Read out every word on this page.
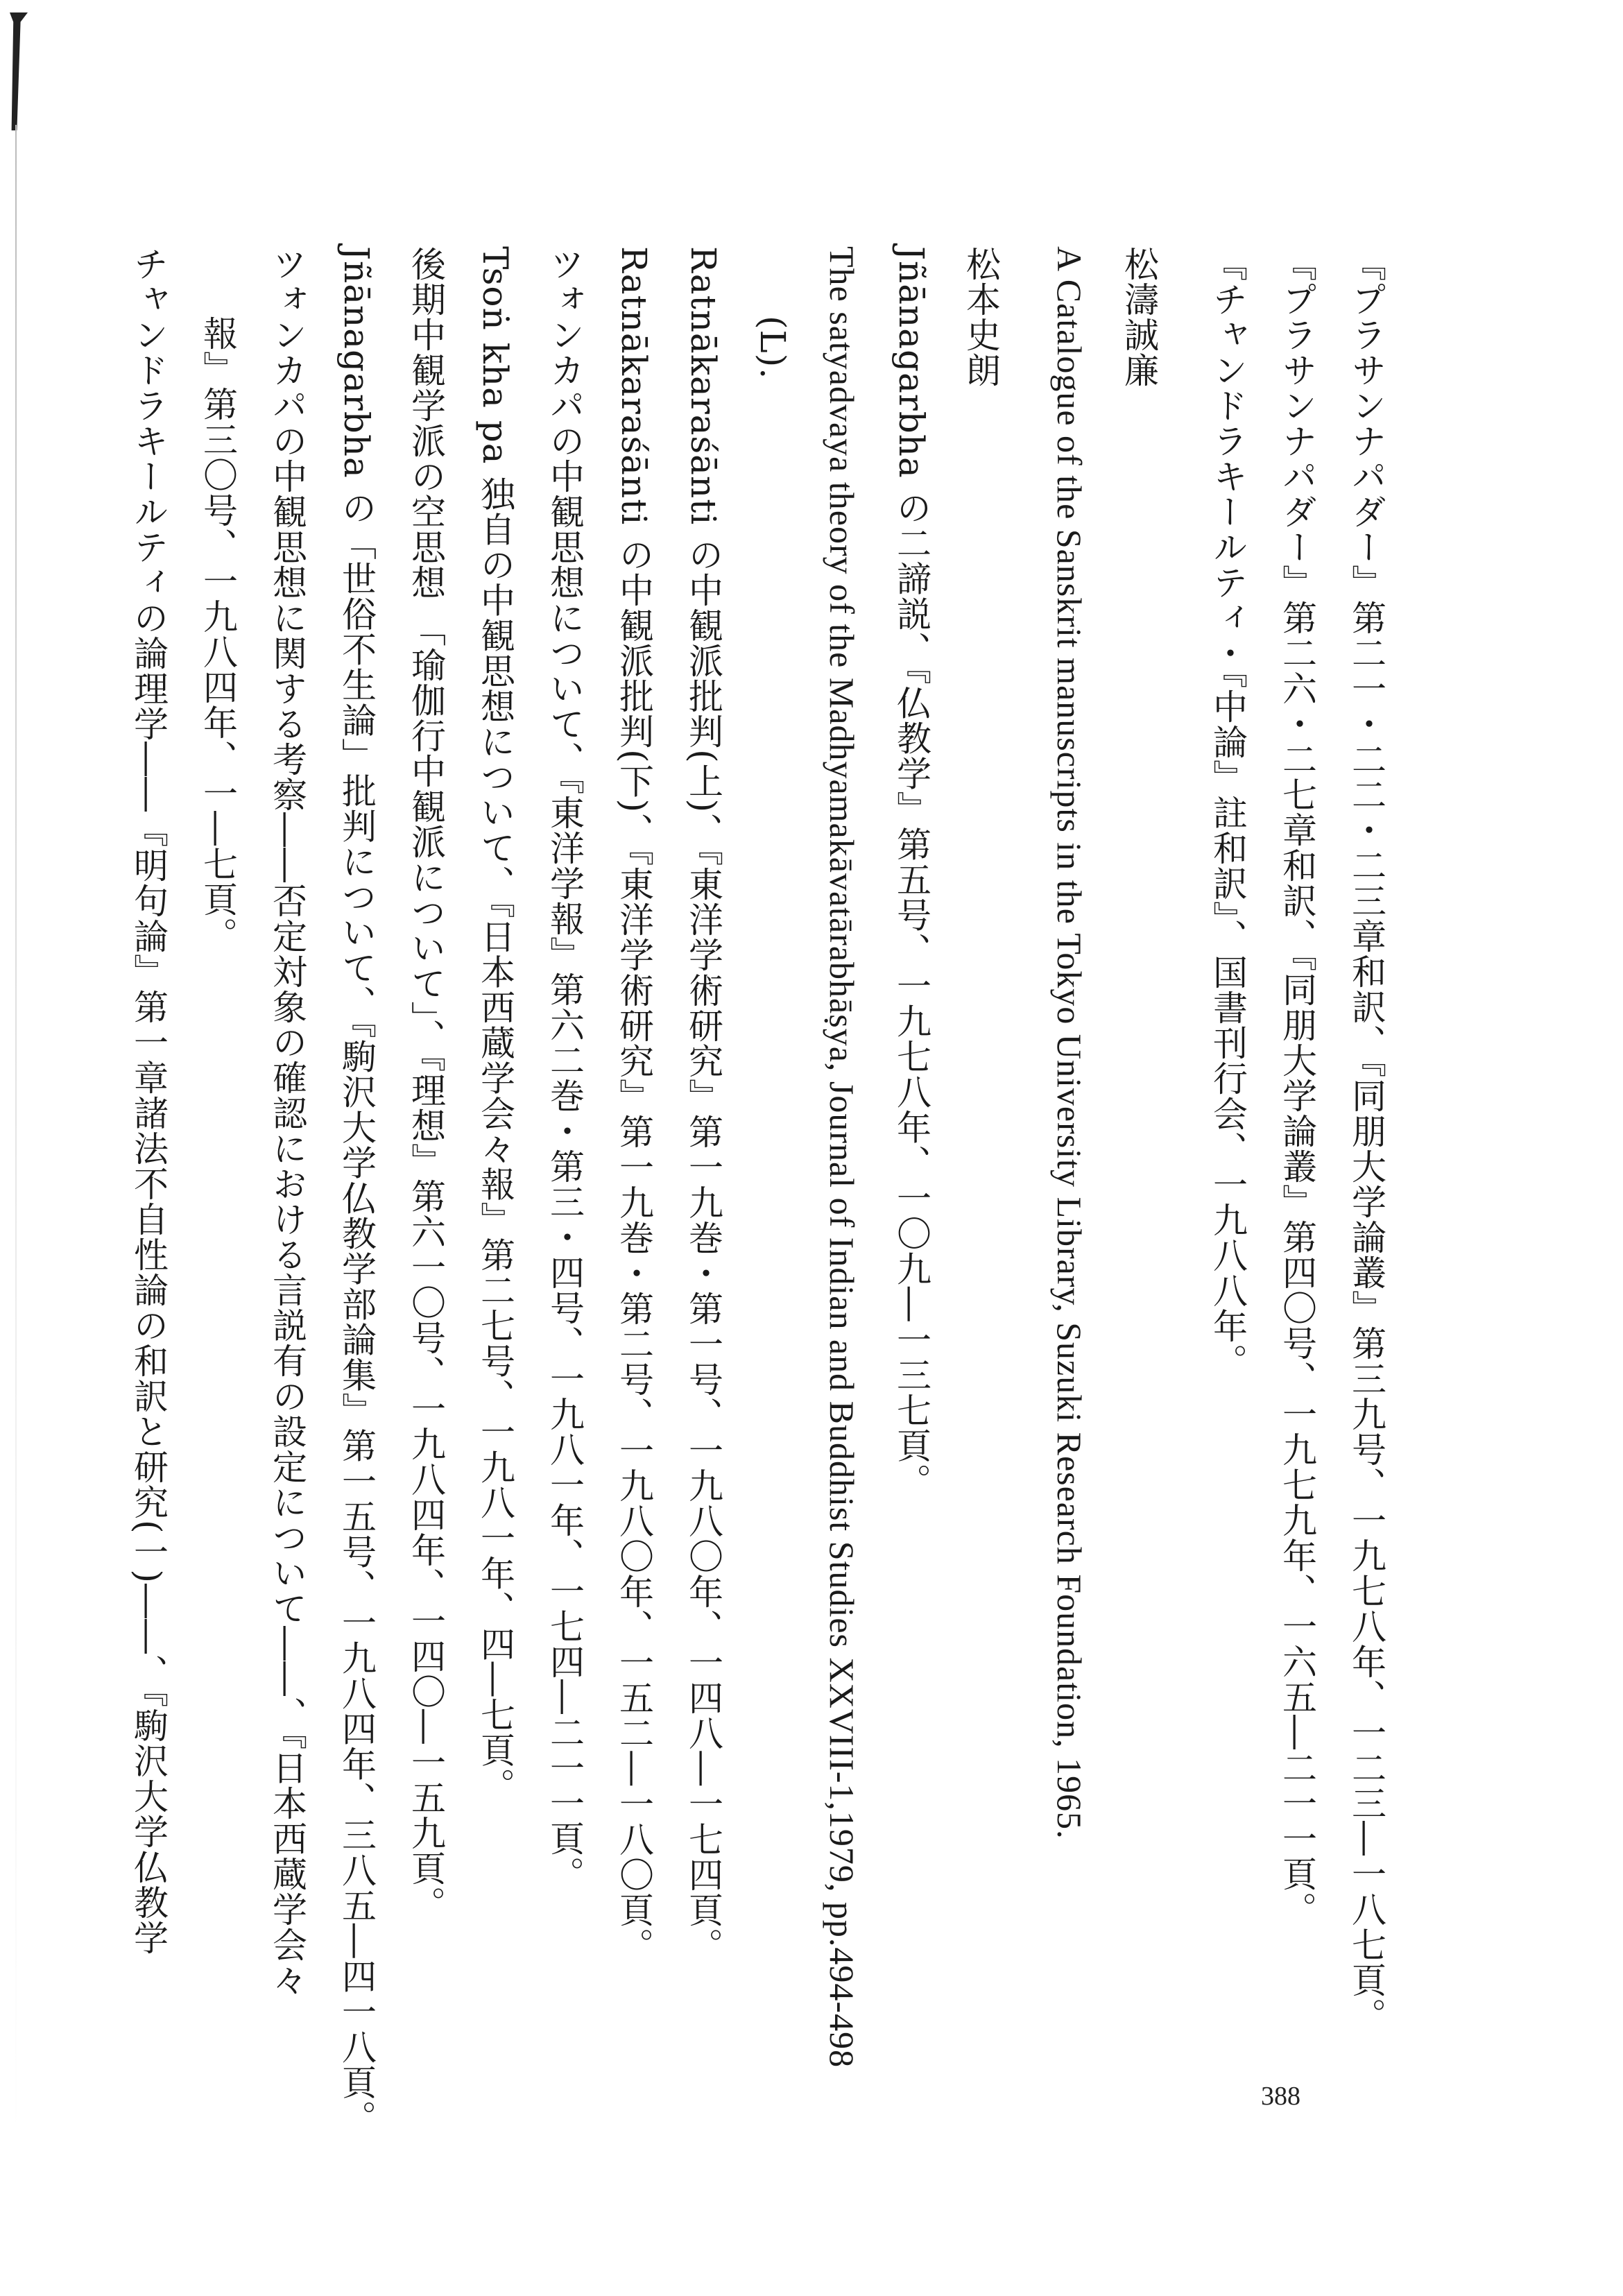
『プラサンナパダー』第二一・二二・二三章和訳、『同朋大学論叢』第三九号、一九七八年、一二三―一八七頁。
『プラサンナパダー』第二六・二七章和訳、『同朋大学論叢』第四〇号、一九七九年、一六五―二一一頁。
『チャンドラキールティ・『中論』註和訳』、国書刊行会、一九八八年。
松濤誠廉
A Catalogue of the Sanskrit manuscripts in the Tokyo University Library, Suzuki Research Foundation, 1965.
松本史朗
Jñānagarbha の二諦説、『仏教学』第五号、一九七八年、一〇九―一三七頁。
The satyadvaya theory of the Madhyamakāvatārabhāṣya, Journal of Indian and Buddhist Studies XXVIII-1,1979, pp.494-498
(L).
Ratnākaraśānti の中観派批判(上)、『東洋学術研究』第一九巻・第一号、一九八〇年、一四八―一七四頁。
Ratnākaraśānti の中観派批判(下)、『東洋学術研究』第一九巻・第二号、一九八〇年、一五二―一八〇頁。
ツォンカパの中観思想について、『東洋学報』第六二巻・第三・四号、一九八一年、一七四―二一一頁。
Tsoṅ kha pa 独自の中観思想について、『日本西蔵学会々報』第二七号、一九八一年、四―七頁。
後期中観学派の空思想 「瑜伽行中観派について」、『理想』第六一〇号、一九八四年、一四〇―一五九頁。
Jñānagarbha の「世俗不生論」批判について、『駒沢大学仏教学部論集』第一五号、一九八四年、三八五―四一八頁。
ツォンカパの中観思想に関する考察――否定対象の確認における言説有の設定について――、『日本西蔵学会々
報』第三〇号、一九八四年、一―七頁。
チャンドラキールティの論理学――『明句論』第一章諸法不自性論の和訳と研究(一)――、『駒沢大学仏教学
388
